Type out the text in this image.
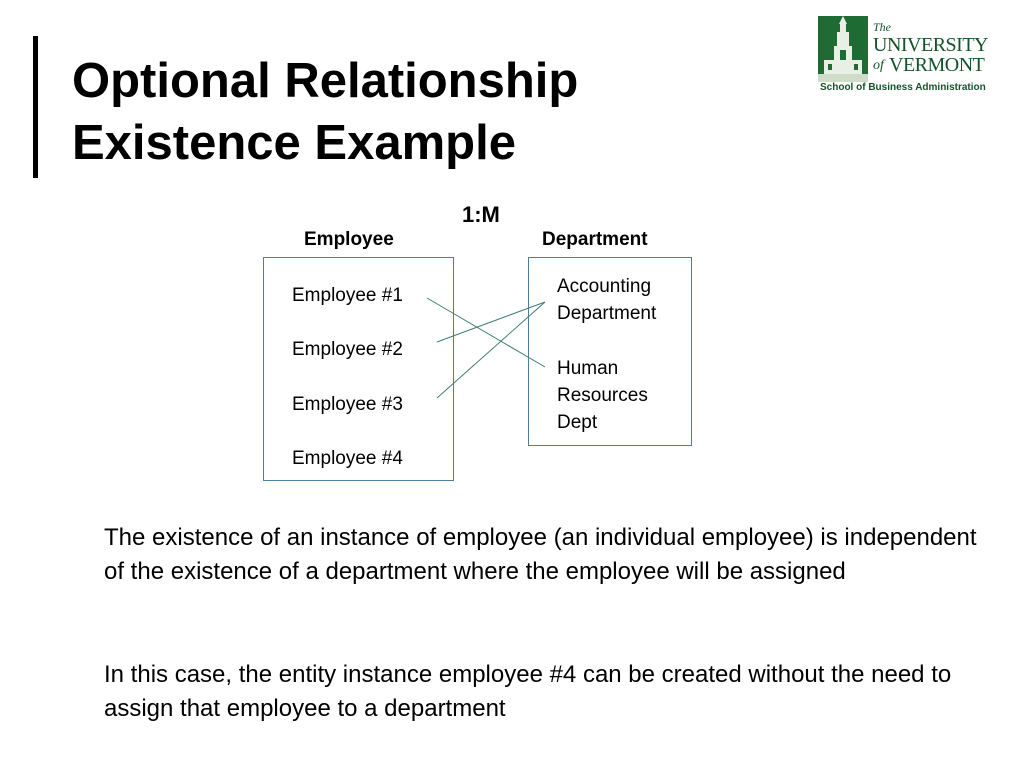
Optional Relationship
Existence Example
The
UNIVERSITY
of VERMONT
School of Business Administration
1:M
Employee	Department
Employee #1
Employee #2
Employee #3
Employee #4
Accounting
Department
Human
Resources
Dept

The existence of an instance of employee (an individual employee) is independent of the existence of a department where the employee will be assigned

In this case, the entity instance employee #4 can be created without the need to assign that employee to a department
